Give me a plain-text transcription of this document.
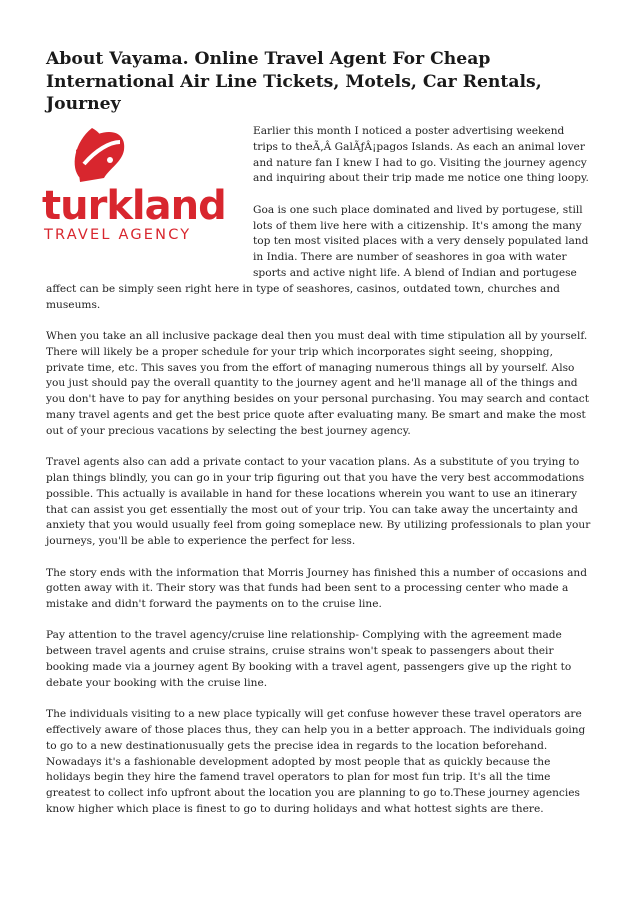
About Vayama. Online Travel Agent For Cheap International Air Line Tickets, Motels, Car Rentals, Journey
turkland
TRAVEL AGENCY

Earlier this month I noticed a poster advertising weekend trips to theÃ‚Â GalÃƒÂ¡pagos Islands. As each an animal lover and nature fan I knew I had to go. Visiting the journey agency and inquiring about their trip made me notice one thing loopy.

Goa is one such place dominated and lived by portugese, still lots of them live here with a citizenship. It's among the many top ten most visited places with a very densely populated land in India. There are number of seashores in goa with water sports and active night life. A blend of Indian and portugese affect can be simply seen right here in type of seashores, casinos, outdated town, churches and museums.

When you take an all inclusive package deal then you must deal with time stipulation all by yourself. There will likely be a proper schedule for your trip which incorporates sight seeing, shopping, private time, etc. This saves you from the effort of managing numerous things all by yourself. Also you just should pay the overall quantity to the journey agent and he'll manage all of the things and you don't have to pay for anything besides on your personal purchasing. You may search and contact many travel agents and get the best price quote after evaluating many. Be smart and make the most out of your precious vacations by selecting the best journey agency.

Travel agents also can add a private contact to your vacation plans. As a substitute of you trying to plan things blindly, you can go in your trip figuring out that you have the very best accommodations possible. This actually is available in hand for these locations wherein you want to use an itinerary that can assist you get essentially the most out of your trip. You can take away the uncertainty and anxiety that you would usually feel from going someplace new. By utilizing professionals to plan your journeys, you'll be able to experience the perfect for less.

The story ends with the information that Morris Journey has finished this a number of occasions and gotten away with it. Their story was that funds had been sent to a processing center who made a mistake and didn't forward the payments on to the cruise line.

Pay attention to the travel agency/cruise line relationship- Complying with the agreement made between travel agents and cruise strains, cruise strains won't speak to passengers about their booking made via a journey agent By booking with a travel agent, passengers give up the right to debate your booking with the cruise line.

The individuals visiting to a new place typically will get confuse however these travel operators are effectively aware of those places thus, they can help you in a better approach. The individuals going to go to a new destinationusually gets the precise idea in regards to the location beforehand. Nowadays it's a fashionable development adopted by most people that as quickly because the holidays begin they hire the famend travel operators to plan for most fun trip. It's all the time greatest to collect info upfront about the location you are planning to go to.These journey agencies know higher which place is finest to go to during holidays and what hottest sights are there.
